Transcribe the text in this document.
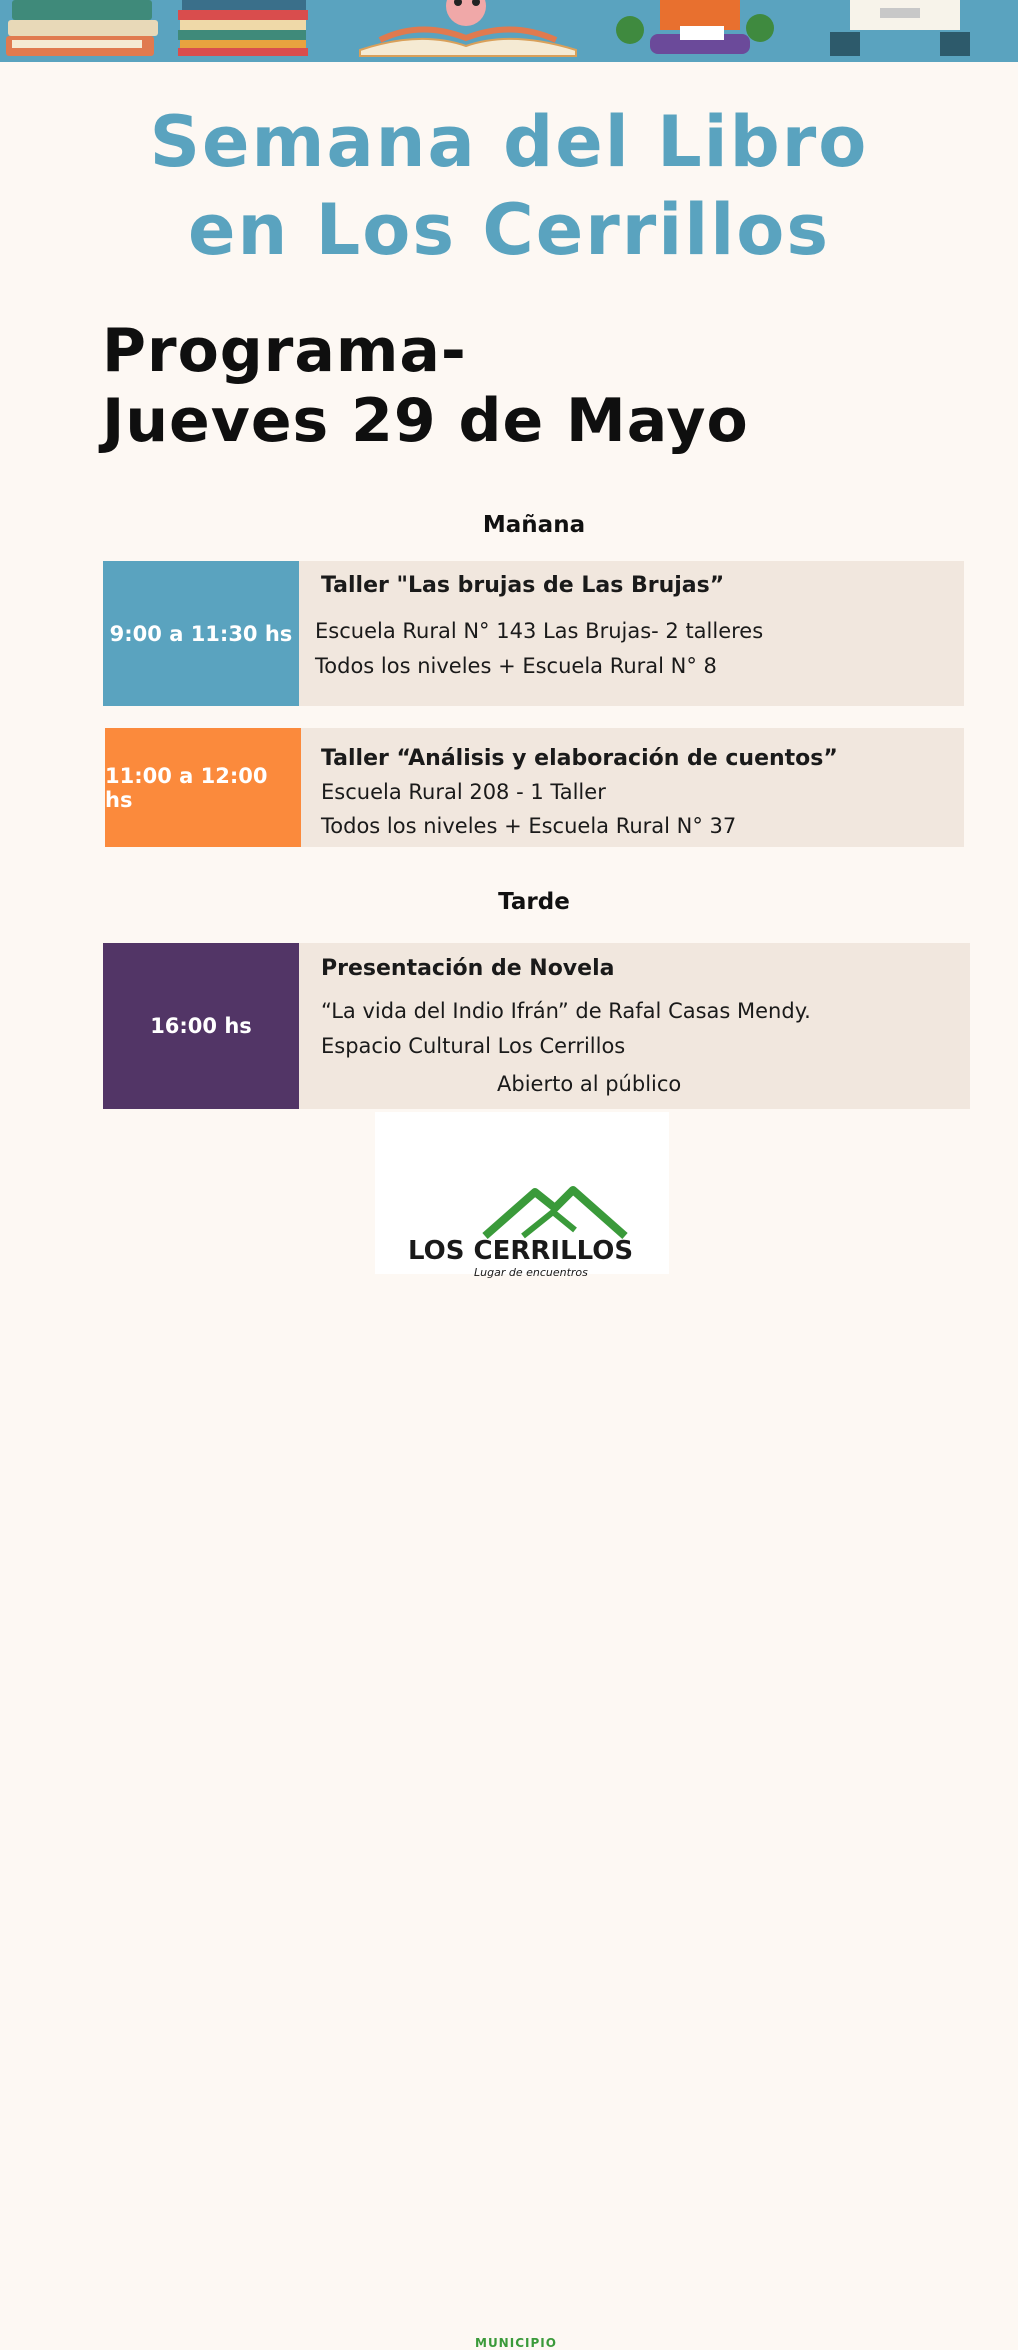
Semana del Libro
en Los Cerrillos
Programa-
Jueves 29 de Mayo
Mañana
9:00 a 11:30 hs
Taller "Las brujas de Las Brujas”
Escuela Rural N° 143 Las Brujas- 2 talleres
Todos los niveles + Escuela Rural N° 8
11:00 a 12:00 hs
Taller “Análisis y elaboración de cuentos”
Escuela Rural 208 - 1 Taller
Todos los niveles + Escuela Rural N° 37
Tarde
16:00 hs
Presentación de Novela
“La vida del Indio Ifrán” de Rafal Casas Mendy.
Espacio Cultural Los Cerrillos
Abierto al público
MUNICIPIO
LOS CERRILLOS
Lugar de encuentros
